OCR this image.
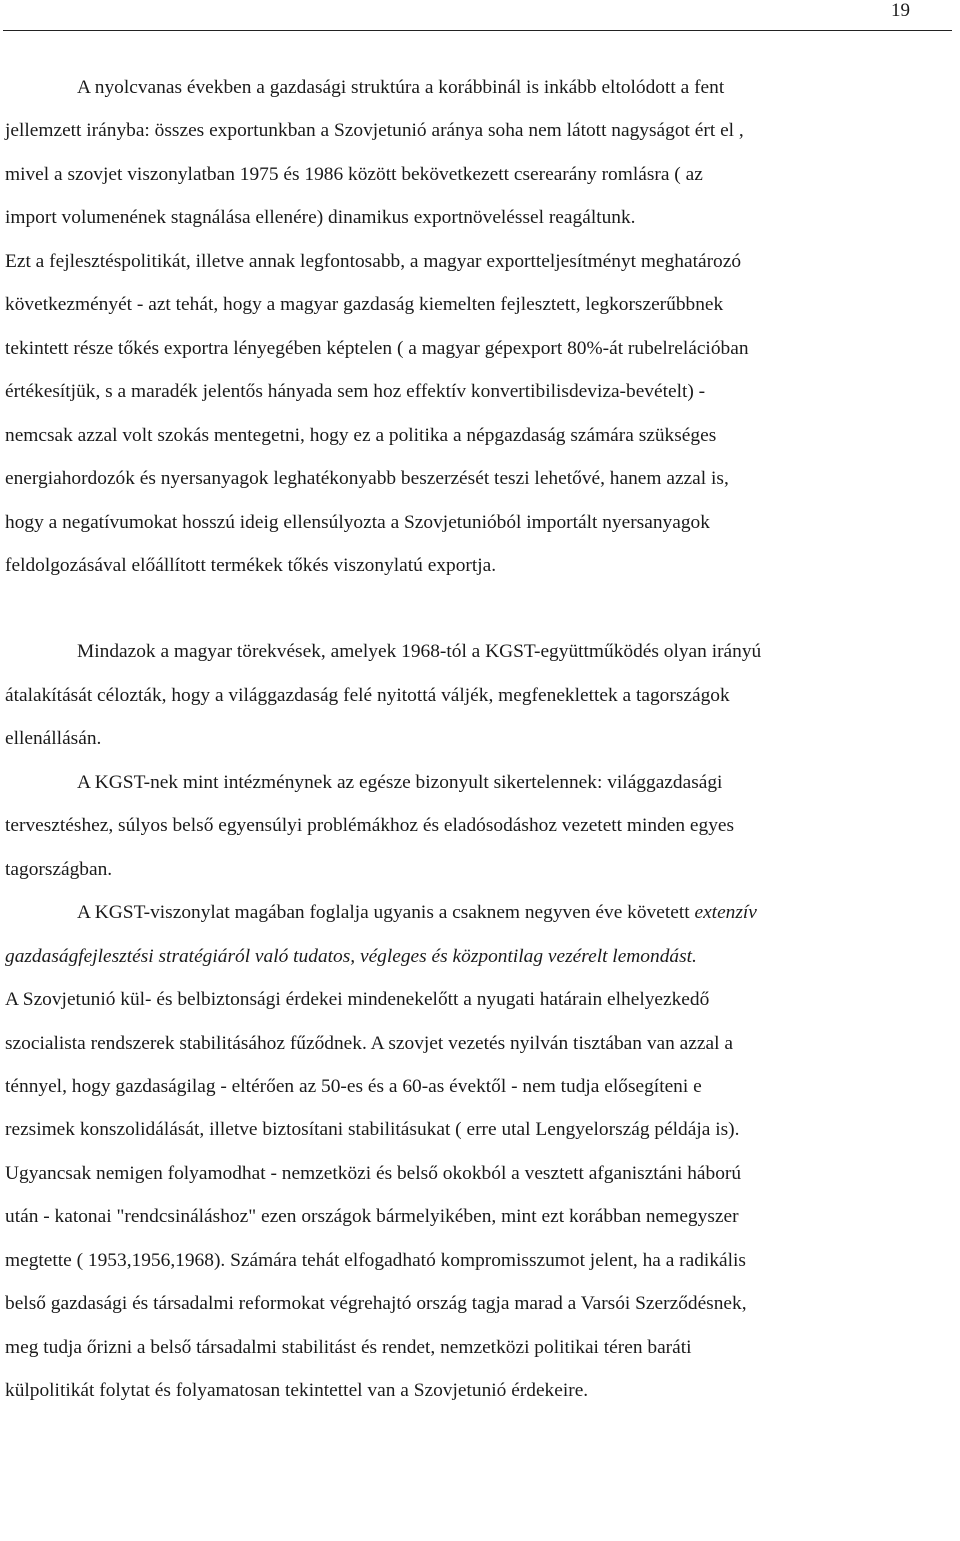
19
A nyolcvanas években a gazdasági struktúra a korábbinál is inkább eltolódott a fent
jellemzett irányba: összes exportunkban a Szovjetunió aránya soha nem látott nagyságot ért el ,
mivel a szovjet viszonylatban 1975 és 1986 között bekövetkezett cserearány romlásra ( az
import volumenének stagnálása ellenére) dinamikus exportnöveléssel reagáltunk.
Ezt a fejlesztéspolitikát, illetve annak legfontosabb, a magyar exportteljesítményt meghatározó
következményét - azt tehát, hogy a magyar gazdaság kiemelten fejlesztett, legkorszerűbbnek
tekintett része tőkés exportra lényegében képtelen ( a magyar gépexport 80%-át rubelrelációban
értékesítjük, s a maradék jelentős hányada sem hoz effektív konvertibilisdeviza-bevételt) -
nemcsak azzal volt szokás mentegetni, hogy ez a politika a népgazdaság számára szükséges
energiahordozók és nyersanyagok leghatékonyabb beszerzését teszi lehetővé, hanem azzal is,
hogy a negatívumokat hosszú ideig ellensúlyozta a Szovjetunióból importált nyersanyagok
feldolgozásával előállított termékek tőkés viszonylatú exportja.
Mindazok a magyar törekvések, amelyek 1968-tól a KGST-együttműködés olyan irányú
átalakítását célozták, hogy a világgazdaság felé nyitottá váljék, megfeneklettek a tagországok
ellenállásán.
A KGST-nek mint intézménynek az egésze bizonyult sikertelennek: világgazdasági
tervesztéshez, súlyos belső egyensúlyi problémákhoz és eladósodáshoz vezetett minden egyes
tagországban.
A KGST-viszonylat magában foglalja ugyanis a csaknem negyven éve követett extenzív
gazdaságfejlesztési stratégiáról való tudatos, végleges és központilag vezérelt lemondást.
A Szovjetunió kül- és belbiztonsági érdekei mindenekelőtt a nyugati határain elhelyezkedő
szocialista rendszerek stabilitásához fűződnek. A szovjet vezetés nyilván tisztában van azzal a
ténnyel, hogy gazdaságilag - eltérően az 50-es és a 60-as évektől - nem tudja elősegíteni e
rezsimek konszolidálását, illetve biztosítani stabilitásukat ( erre utal Lengyelország példája is).
Ugyancsak nemigen folyamodhat - nemzetközi és belső okokból a vesztett afganisztáni háború
után - katonai "rendcsináláshoz" ezen országok bármelyikében, mint ezt korábban nemegyszer
megtette ( 1953,1956,1968). Számára tehát elfogadható kompromisszumot jelent, ha a radikális
belső gazdasági és társadalmi reformokat végrehajtó ország tagja marad a Varsói Szerződésnek,
meg tudja őrizni a belső társadalmi stabilitást és rendet, nemzetközi politikai téren baráti
külpolitikát folytat és folyamatosan tekintettel van a Szovjetunió érdekeire.
